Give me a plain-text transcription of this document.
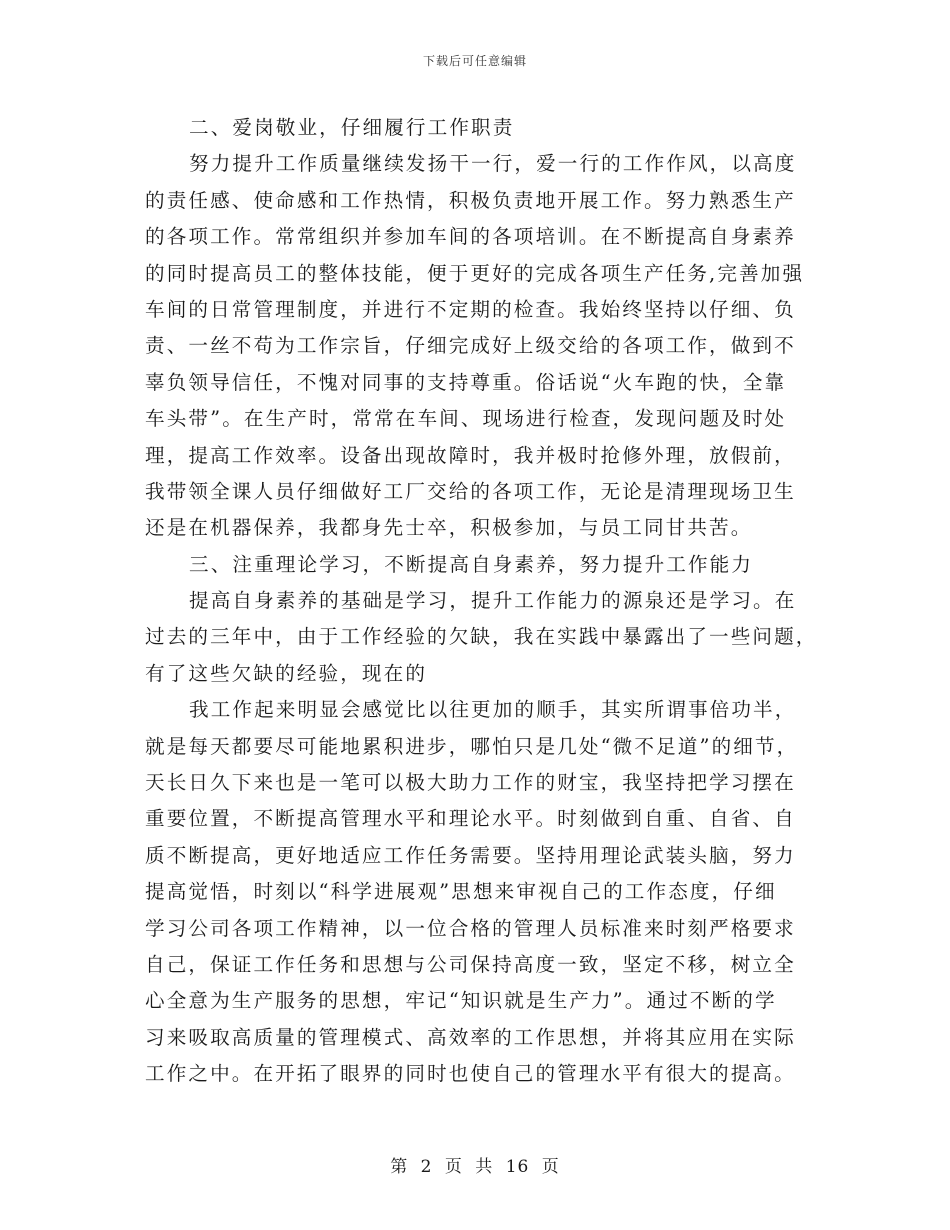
下载后可任意编辑
二、爱岗敬业，仔细履行工作职责
努力提升工作质量继续发扬干一行，爱一行的工作作风，以高度
的责任感、使命感和工作热情，积极负责地开展工作。努力熟悉生产
的各项工作。常常组织并参加车间的各项培训。在不断提高自身素养
的同时提高员工的整体技能，便于更好的完成各项生产任务,完善加强
车间的日常管理制度，并进行不定期的检查。我始终坚持以仔细、负
责、一丝不苟为工作宗旨，仔细完成好上级交给的各项工作，做到不
辜负领导信任，不愧对同事的支持尊重。俗话说“火车跑的快，全靠
车头带”。在生产时，常常在车间、现场进行检查，发现问题及时处
理，提高工作效率。设备出现故障时，我并极时抢修外理，放假前，
我带领全课人员仔细做好工厂交给的各项工作，无论是清理现场卫生
还是在机器保养，我都身先士卒，积极参加，与员工同甘共苦。
三、注重理论学习，不断提高自身素养，努力提升工作能力
提高自身素养的基础是学习，提升工作能力的源泉还是学习。在
过去的三年中，由于工作经验的欠缺，我在实践中暴露出了一些问题，
有了这些欠缺的经验，现在的
我工作起来明显会感觉比以往更加的顺手，其实所谓事倍功半，
就是每天都要尽可能地累积进步，哪怕只是几处“微不足道”的细节，
天长日久下来也是一笔可以极大助力工作的财宝，我坚持把学习摆在
重要位置，不断提高管理水平和理论水平。时刻做到自重、自省、自
质不断提高，更好地适应工作任务需要。坚持用理论武装头脑，努力
提高觉悟，时刻以“科学进展观”思想来审视自己的工作态度，仔细
学习公司各项工作精神，以一位合格的管理人员标准来时刻严格要求
自己，保证工作任务和思想与公司保持高度一致，坚定不移，树立全
心全意为生产服务的思想，牢记“知识就是生产力”。通过不断的学
习来吸取高质量的管理模式、高效率的工作思想，并将其应用在实际
工作之中。在开拓了眼界的同时也使自己的管理水平有很大的提高。
第 2 页 共 16 页
